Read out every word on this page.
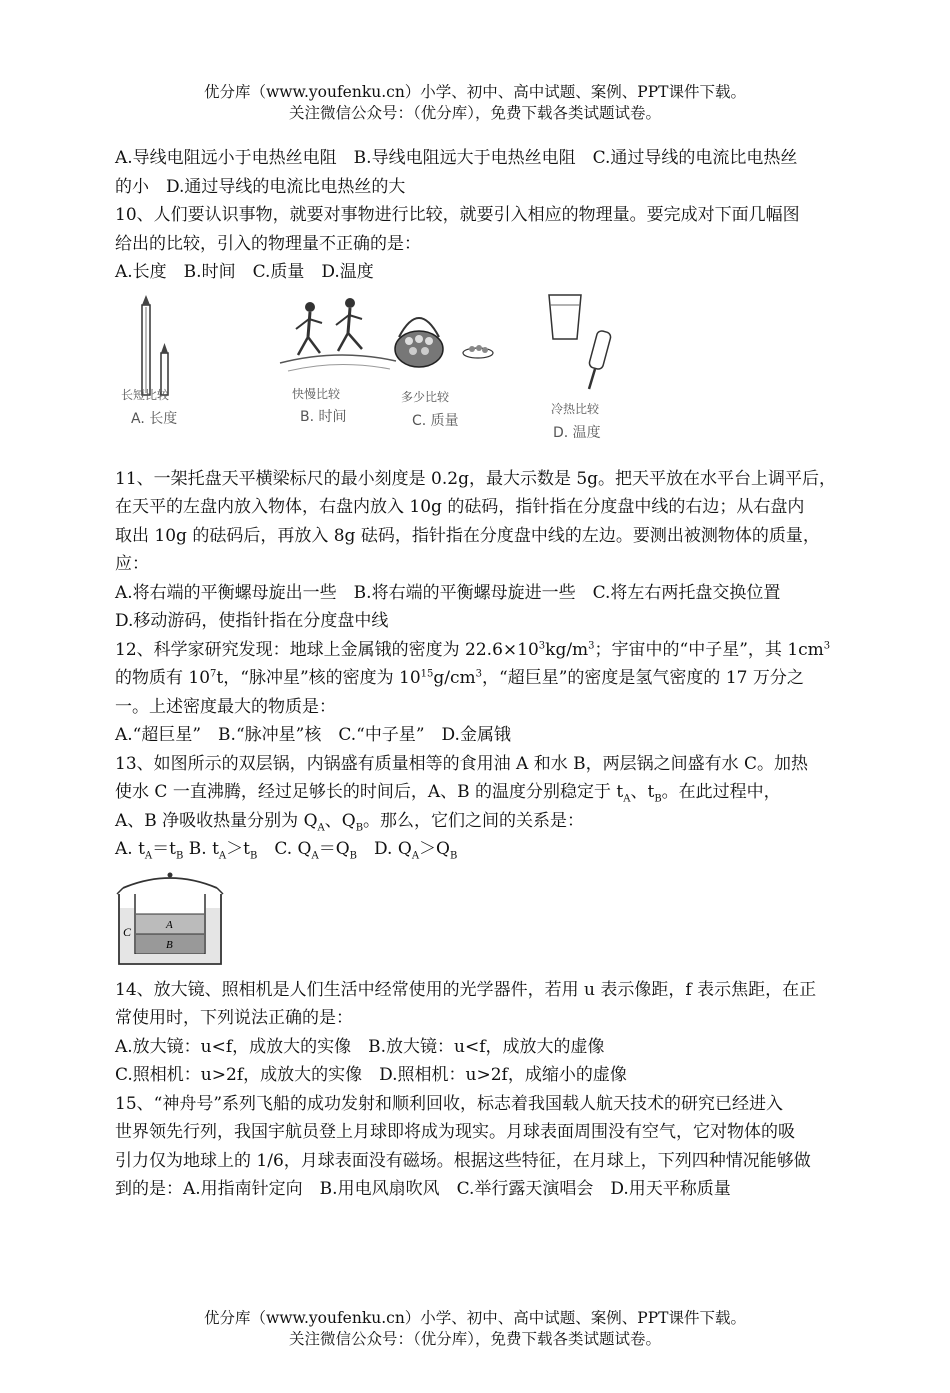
优分库（www.youfenku.cn）小学、初中、高中试题、案例、PPT课件下载。
关注微信公众号：（优分库），免费下载各类试题试卷。

A.导线电阻远小于电热丝电阻　B.导线电阻远大于电热丝电阻　C.通过导线的电流比电热丝

的小　D.通过导线的电流比电热丝的大

10、人们要认识事物，就要对事物进行比较，就要引入相应的物理量。要完成对下面几幅图

给出的比较，引入的物理量不正确的是：

A.长度　B.时间　C.质量　D.温度

长短比较
A. 长度
快慢比较
B. 时间
多少比较
C. 质量
冷热比较
D. 温度

11、一架托盘天平横梁标尺的最小刻度是 0.2g，最大示数是 5g。把天平放在水平台上调平后，

在天平的左盘内放入物体，右盘内放入 10g 的砝码，指针指在分度盘中线的右边；从右盘内

取出 10g 的砝码后，再放入 8g 砝码，指针指在分度盘中线的左边。要测出被测物体的质量，

应：

A.将右端的平衡螺母旋出一些　B.将右端的平衡螺母旋进一些　C.将左右两托盘交换位置

D.移动游码，使指针指在分度盘中线

12、科学家研究发现：地球上金属锇的密度为 $22.6\times 10^3kg/m^3$；宇宙中的“中子星”，其 $1cm^3$

的物质有 $10^7t$，“脉冲星”核的密度为 $10^{15}g/cm^3$，“超巨星”的密度是氢气密度的 17 万分之

一。上述密度最大的物质是：

A.“超巨星”　B.“脉冲星”核　C.“中子星”　D.金属锇

13、如图所示的双层锅，内锅盛有质量相等的食用油 A 和水 B，两层锅之间盛有水 C。加热

使水 C 一直沸腾，经过足够长的时间后，A、B 的温度分别稳定于 $t_A$、$t_B$。在此过程中，

A、B 净吸收热量分别为 $Q_A$、$Q_B$。那么，它们之间的关系是：

A. $t_A=t_B$ B. $t_A>t_B$　 C. $Q_A=Q_B$　 D. $Q_A>Q_B$

C	A
B

14、放大镜、照相机是人们生活中经常使用的光学器件，若用 u 表示像距，f 表示焦距，在正

常使用时，下列说法正确的是：

A.放大镜：u<f，成放大的实像　B.放大镜：u<f，成放大的虚像

C.照相机：u>2f，成放大的实像　D.照相机：u>2f，成缩小的虚像

15、“神舟号”系列飞船的成功发射和顺利回收，标志着我国载人航天技术的研究已经进入

世界领先行列，我国宇航员登上月球即将成为现实。月球表面周围没有空气，它对物体的吸

引力仅为地球上的 1/6，月球表面没有磁场。根据这些特征，在月球上，下列四种情况能够做

到的是：A.用指南针定向　B.用电风扇吹风　C.举行露天演唱会　D.用天平称质量

优分库（www.youfenku.cn）小学、初中、高中试题、案例、PPT课件下载。
关注微信公众号：（优分库），免费下载各类试题试卷。
